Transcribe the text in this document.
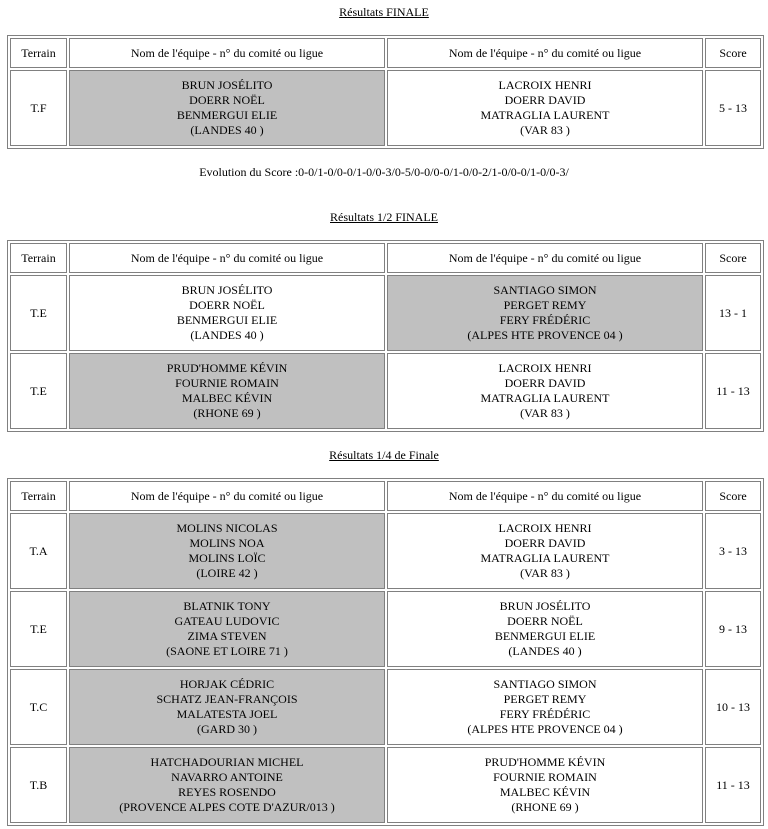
Résultats FINALE
Terrain	Nom de l'équipe - n° du comité ou ligue	Nom de l'équipe - n° du comité ou ligue	Score
T.F	BRUN JOSÉLITO
DOERR NOËL
BENMERGUI ELIE
(LANDES 40 )	LACROIX HENRI
DOERR DAVID
MATRAGLIA LAURENT
(VAR 83 )	5 - 13
Evolution du Score :0-0/1-0/0-0/1-0/0-3/0-5/0-0/0-0/1-0/0-2/1-0/0-0/1-0/0-3/
Résultats 1/2 FINALE
Terrain	Nom de l'équipe - n° du comité ou ligue	Nom de l'équipe - n° du comité ou ligue	Score
T.E	BRUN JOSÉLITO
DOERR NOËL
BENMERGUI ELIE
(LANDES 40 )	SANTIAGO SIMON
PERGET REMY
FERY FRÉDÉRIC
(ALPES HTE PROVENCE 04 )	13 - 1
T.E	PRUD'HOMME KÉVIN
FOURNIE ROMAIN
MALBEC KÉVIN
(RHONE 69 )	LACROIX HENRI
DOERR DAVID
MATRAGLIA LAURENT
(VAR 83 )	11 - 13
Résultats 1/4 de Finale
Terrain	Nom de l'équipe - n° du comité ou ligue	Nom de l'équipe - n° du comité ou ligue	Score
T.A	MOLINS NICOLAS
MOLINS NOA
MOLINS LOÏC
(LOIRE 42 )	LACROIX HENRI
DOERR DAVID
MATRAGLIA LAURENT
(VAR 83 )	3 - 13
T.E	BLATNIK TONY
GATEAU LUDOVIC
ZIMA STEVEN
(SAONE ET LOIRE 71 )	BRUN JOSÉLITO
DOERR NOËL
BENMERGUI ELIE
(LANDES 40 )	9 - 13
T.C	HORJAK CÉDRIC
SCHATZ JEAN-FRANÇOIS
MALATESTA JOEL
(GARD 30 )	SANTIAGO SIMON
PERGET REMY
FERY FRÉDÉRIC
(ALPES HTE PROVENCE 04 )	10 - 13
T.B	HATCHADOURIAN MICHEL
NAVARRO ANTOINE
REYES ROSENDO
(PROVENCE ALPES COTE D'AZUR/013 )	PRUD'HOMME KÉVIN
FOURNIE ROMAIN
MALBEC KÉVIN
(RHONE 69 )	11 - 13
